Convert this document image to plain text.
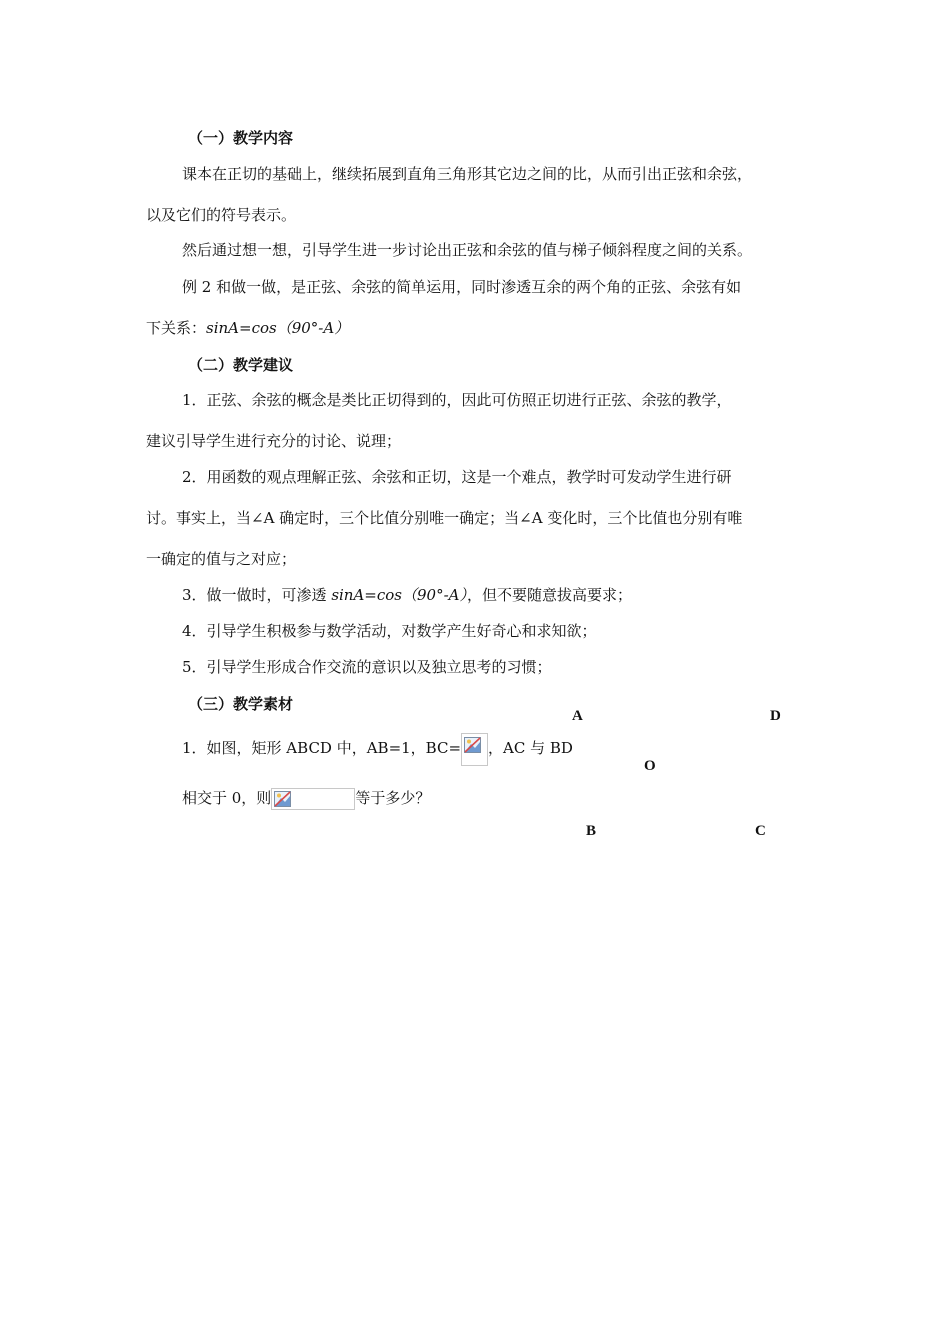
（一）教学内容
课本在正切的基础上，继续拓展到直角三角形其它边之间的比，从而引出正弦和余弦，
以及它们的符号表示。
然后通过想一想，引导学生进一步讨论出正弦和余弦的值与梯子倾斜程度之间的关系。
例 2 和做一做，是正弦、余弦的简单运用，同时渗透互余的两个角的正弦、余弦有如
下关系：sinA=cos（90°-A）
（二）教学建议
1．正弦、余弦的概念是类比正切得到的，因此可仿照正切进行正弦、余弦的教学，
建议引导学生进行充分的讨论、说理；
2．用函数的观点理解正弦、余弦和正切，这是一个难点，教学时可发动学生进行研
讨。事实上，当∠A 确定时，三个比值分别唯一确定；当∠A 变化时，三个比值也分别有唯
一确定的值与之对应；
3．做一做时，可渗透 sinA=cos（90°-A），但不要随意拔高要求；
4．引导学生积极参与数学活动，对数学产生好奇心和求知欲；
5．引导学生形成合作交流的意识以及独立思考的习惯；
（三）教学素材
1．如图，矩形 ABCD 中，AB=1，BC= ，AC 与 BD
相交于 0，则	等于多少？
A	D
O
B	C
